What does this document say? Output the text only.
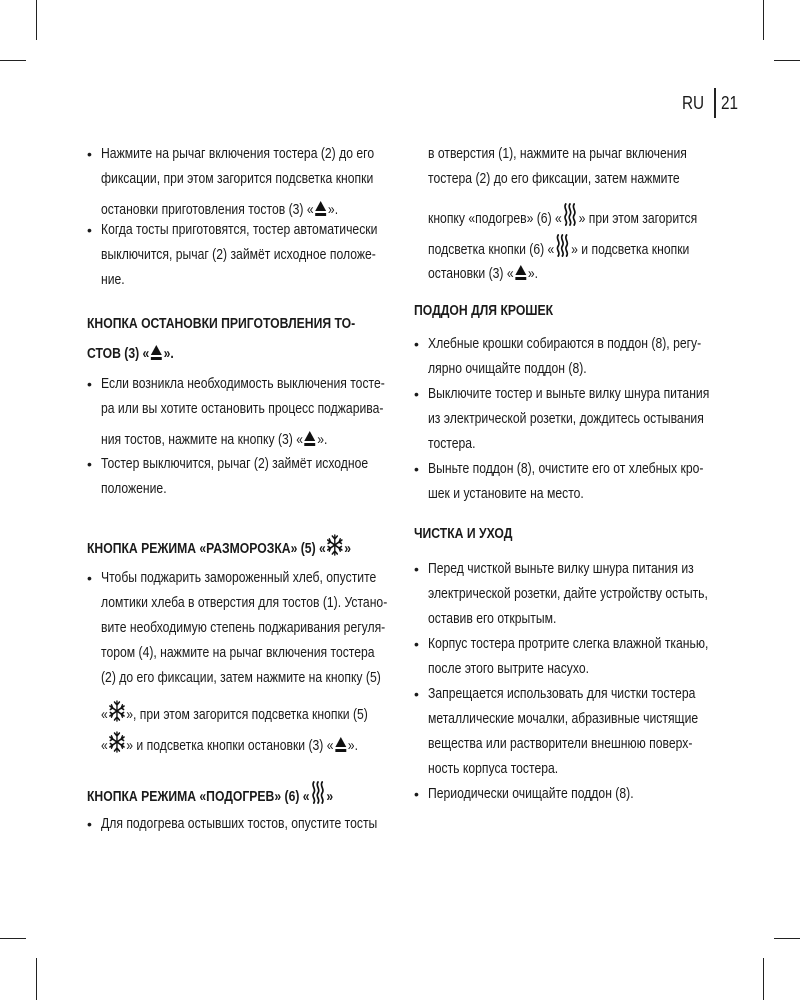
RU 21
• Нажмите на рычаг включения тостера (2) до его
фиксации, при этом загорится подсветка кнопки
остановки приготовления тостов (3) « ».
• Когда тосты приготовятся, тостер автоматически
выключится, рычаг (2) займёт исходное положе-
ние.
КНОПКА ОСТАНОВКИ ПРИГОТОВЛЕНИЯ ТО-
СТОВ (3) « ».
• Если возникла необходимость выключения тосте-
ра или вы хотите остановить процесс поджарива-
ния тостов, нажмите на кнопку (3) « ».
• Тостер выключится, рычаг (2) займёт исходное
положение.
КНОПКА РЕЖИМА «РАЗМОРОЗКА» (5) « »
• Чтобы поджарить замороженный хлеб, опустите
ломтики хлеба в отверстия для тостов (1). Устано-
вите необходимую степень поджаривания регуля-
тором (4), нажмите на рычаг включения тостера
(2) до его фиксации, затем нажмите на кнопку (5)
« », при этом загорится подсветка кнопки (5)
« » и подсветка кнопки остановки (3) « ».
КНОПКА РЕЖИМА «ПОДОГРЕВ» (6) « »
• Для подогрева остывших тостов, опустите тосты
в отверстия (1), нажмите на рычаг включения
тостера (2) до его фиксации, затем нажмите
кнопку «подогрев» (6) « » при этом загорится
подсветка кнопки (6) « » и подсветка кнопки
остановки (3) « ».
ПОДДОН ДЛЯ КРОШЕК
• Хлебные крошки собираются в поддон (8), регу-
лярно очищайте поддон (8).
• Выключите тостер и выньте вилку шнура питания
из электрической розетки, дождитесь остывания
тостера.
• Выньте поддон (8), очистите его от хлебных кро-
шек и установите на место.
ЧИСТКА И УХОД
• Перед чисткой выньте вилку шнура питания из
электрической розетки, дайте устройству остыть,
оставив его открытым.
• Корпус тостера протрите слегка влажной тканью,
после этого вытрите насухо.
• Запрещается использовать для чистки тостера
металлические мочалки, абразивные чистящие
вещества или растворители внешнюю поверх-
ность корпуса тостера.
• Периодически очищайте поддон (8).
